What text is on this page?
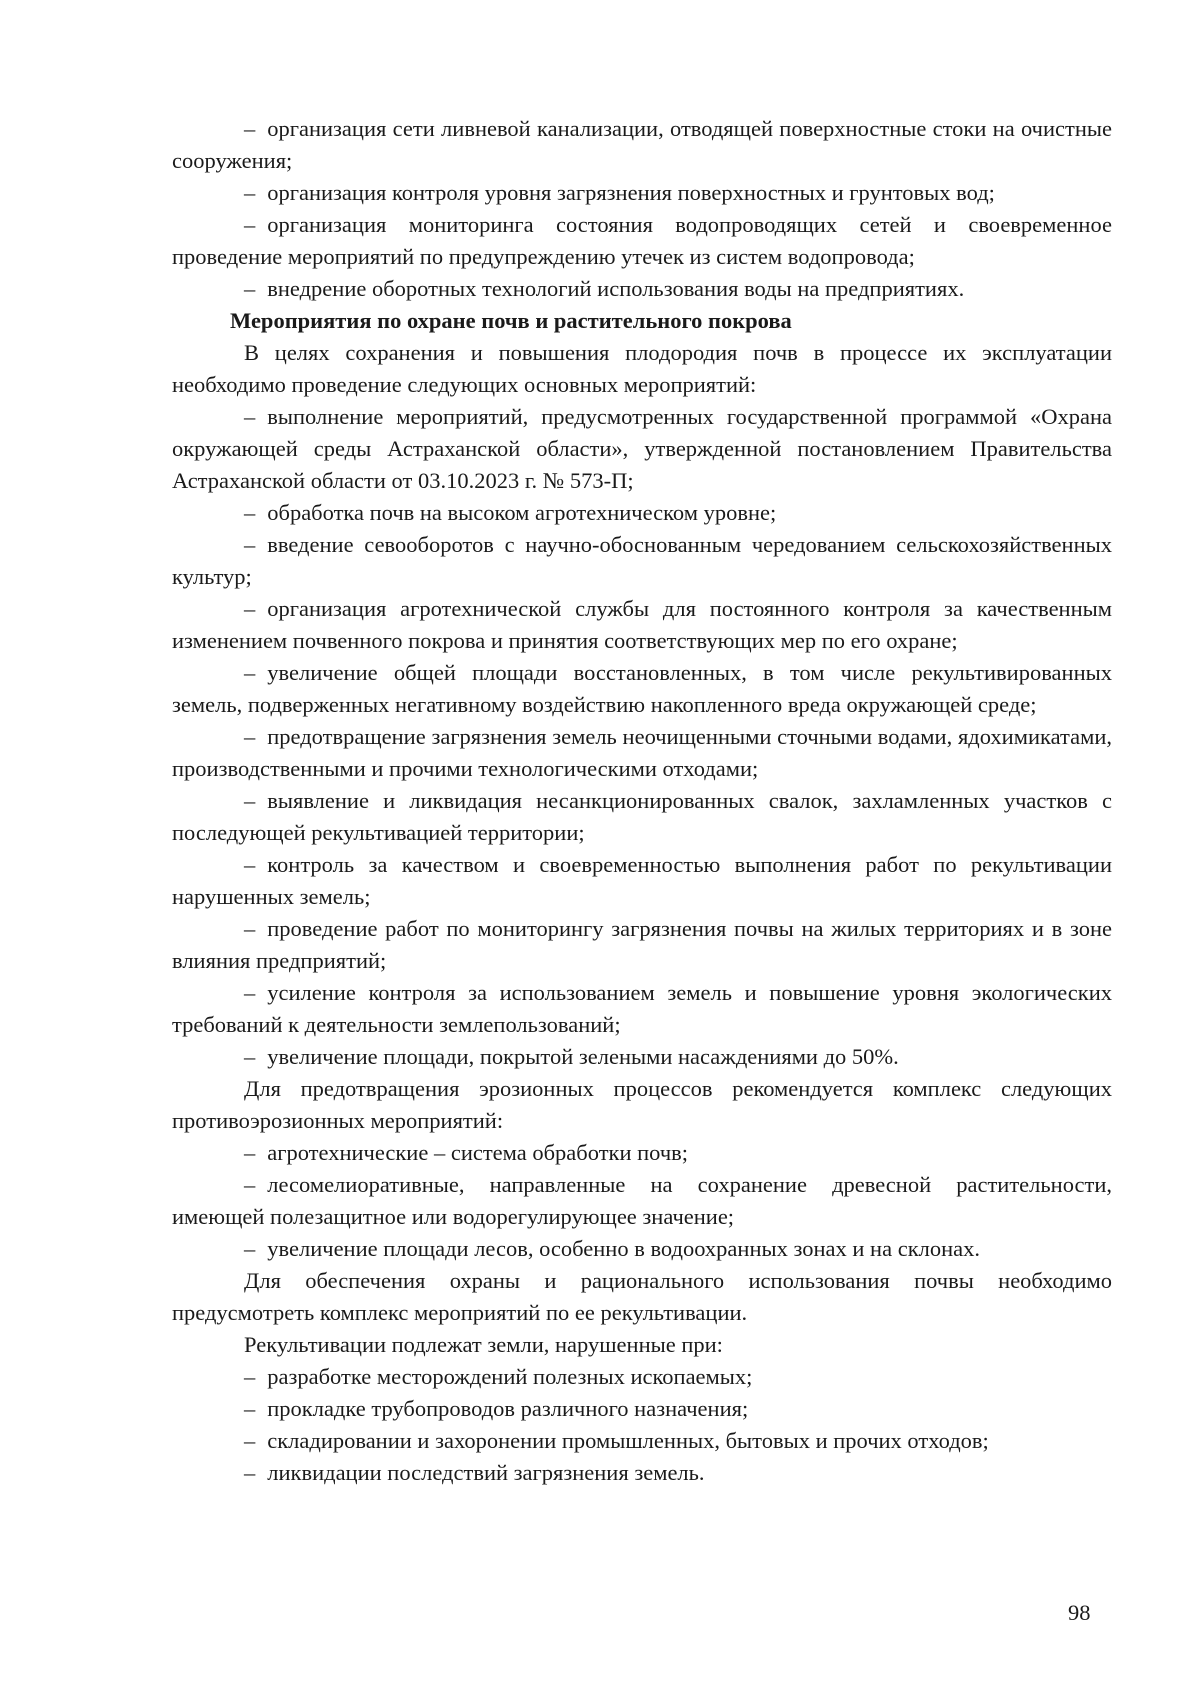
– организация сети ливневой канализации, отводящей поверхностные стоки на очистные сооружения;

– организация контроля уровня загрязнения поверхностных и грунтовых вод;

– организация мониторинга состояния водопроводящих сетей и своевременное проведение мероприятий по предупреждению утечек из систем водопровода;

– внедрение оборотных технологий использования воды на предприятиях.

Мероприятия по охране почв и растительного покрова

В целях сохранения и повышения плодородия почв в процессе их эксплуатации необходимо проведение следующих основных мероприятий:

– выполнение мероприятий, предусмотренных государственной программой «Охрана окружающей среды Астраханской области», утвержденной постановлением Правительства Астраханской области от 03.10.2023 г. № 573-П;

– обработка почв на высоком агротехническом уровне;

– введение севооборотов с научно-обоснованным чередованием сельскохозяйственных культур;

– организация агротехнической службы для постоянного контроля за качественным изменением почвенного покрова и принятия соответствующих мер по его охране;

– увеличение общей площади восстановленных, в том числе рекультивированных земель, подверженных негативному воздействию накопленного вреда окружающей среде;

– предотвращение загрязнения земель неочищенными сточными водами, ядохимикатами, производственными и прочими технологическими отходами;

– выявление и ликвидация несанкционированных свалок, захламленных участков с последующей рекультивацией территории;

– контроль за качеством и своевременностью выполнения работ по рекультивации нарушенных земель;

– проведение работ по мониторингу загрязнения почвы на жилых территориях и в зоне влияния предприятий;

– усиление контроля за использованием земель и повышение уровня экологических требований к деятельности землепользований;

– увеличение площади, покрытой зелеными насаждениями до 50%.

Для предотвращения эрозионных процессов рекомендуется комплекс следующих противоэрозионных мероприятий:

– агротехнические – система обработки почв;

– лесомелиоративные, направленные на сохранение древесной растительности, имеющей полезащитное или водорегулирующее значение;

– увеличение площади лесов, особенно в водоохранных зонах и на склонах.

Для обеспечения охраны и рационального использования почвы необходимо предусмотреть комплекс мероприятий по ее рекультивации.

Рекультивации подлежат земли, нарушенные при:

– разработке месторождений полезных ископаемых;

– прокладке трубопроводов различного назначения;

– складировании и захоронении промышленных, бытовых и прочих отходов;

– ликвидации последствий загрязнения земель.

98
